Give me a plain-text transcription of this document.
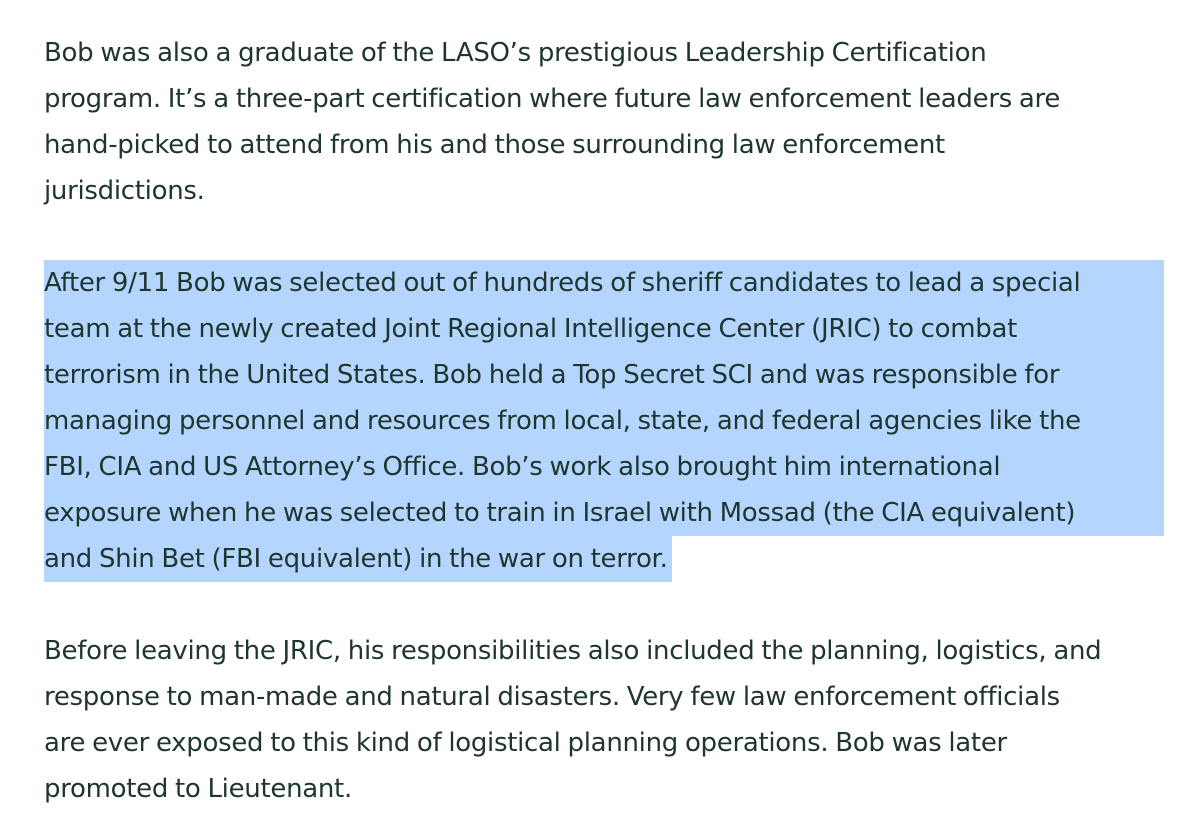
Bob was also a graduate of the LASO’s prestigious Leadership Certification
program. It’s a three-part certification where future law enforcement leaders are
hand-picked to attend from his and those surrounding law enforcement
jurisdictions.

After 9/11 Bob was selected out of hundreds of sheriff candidates to lead a special
team at the newly created Joint Regional Intelligence Center (JRIC) to combat
terrorism in the United States. Bob held a Top Secret SCI and was responsible for
managing personnel and resources from local, state, and federal agencies like the
FBI, CIA and US Attorney’s Office. Bob’s work also brought him international
exposure when he was selected to train in Israel with Mossad (the CIA equivalent)
and Shin Bet (FBI equivalent) in the war on terror.

Before leaving the JRIC, his responsibilities also included the planning, logistics, and
response to man-made and natural disasters. Very few law enforcement officials
are ever exposed to this kind of logistical planning operations. Bob was later
promoted to Lieutenant.
